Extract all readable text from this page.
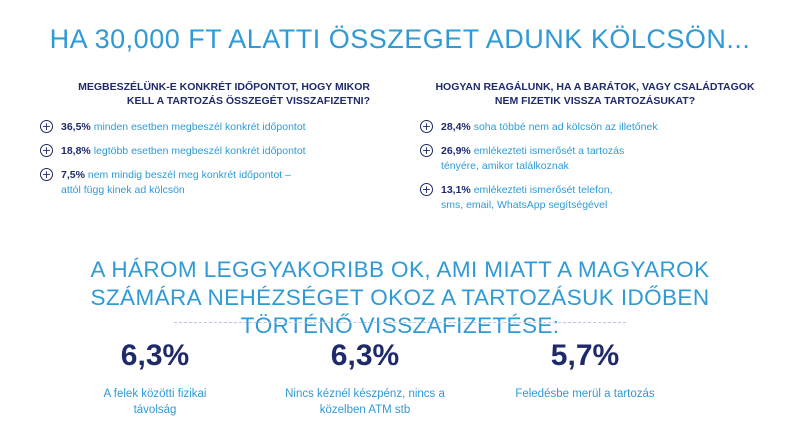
HA 30,000 FT ALATTI ÖSSZEGET ADUNK KÖLCSÖN...
MEGBESZÉLÜNK-E KONKRÉT IDŐPONTOT, HOGY MIKOR KELL A TARTOZÁS ÖSSZEGÉT VISSZAFIZETNI?
+ 36,5% minden esetben megbeszél konkrét időpontot
+ 18,8% legtöbb esetben megbeszél konkrét időpontot
+ 7,5% nem mindig beszél meg konkrét időpontot – attól függ kinek ad kölcsön
HOGYAN REAGÁLUNK, HA A BARÁTOK, VAGY CSALÁDTAGOK NEM FIZETIK VISSZA TARTOZÁSUKAT?
+ 28,4% soha többé nem ad kölcsön az illetőnek
+ 26,9% emlékezteti ismerősét a tartozás tényére, amikor találkoznak
+ 13,1% emlékezteti ismerősét telefon, sms, email, WhatsApp segítségével
A HÁROM LEGGYAKORIBB OK, AMI MIATT A MAGYAROK SZÁMÁRA NEHÉZSÉGET OKOZ A TARTOZÁSUK IDŐBEN TÖRTÉNŐ VISSZAFIZETÉSE:
6,3%
A felek közötti fizikai távolság
6,3%
Nincs kéznél készpénz, nincs a közelben ATM stb
5,7%
Feledésbe merül a tartozás
